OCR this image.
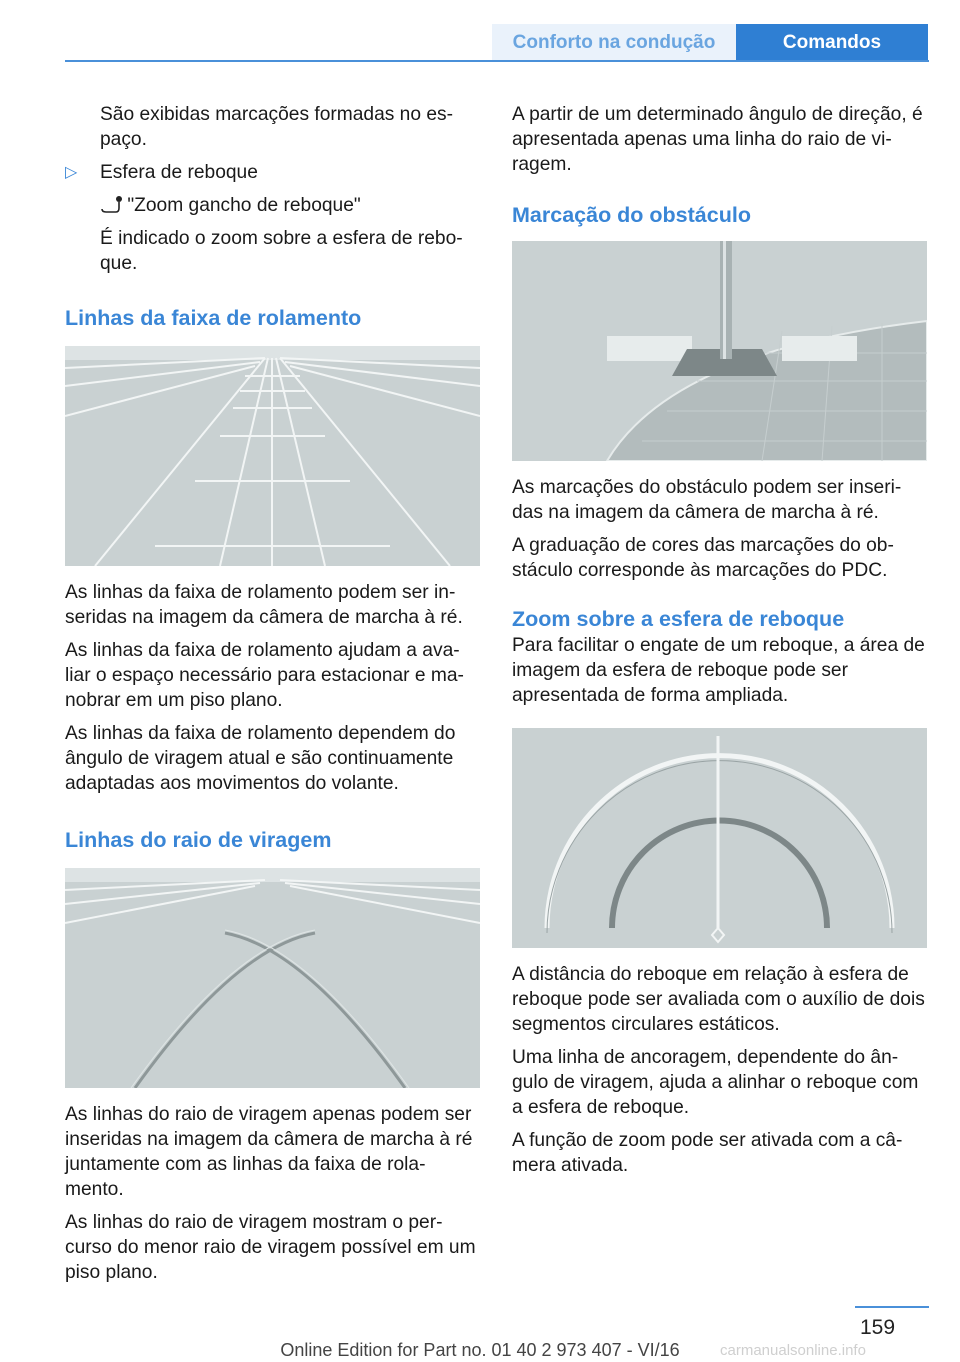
Conforto na condução	Comandos

São exibidas marcações formadas no es-paço.

▷ Esfera de reboque

"Zoom gancho de reboque"

É indicado o zoom sobre a esfera de rebo-que.

Linhas da faixa de rolamento

As linhas da faixa de rolamento podem ser in-seridas na imagem da câmera de marcha à ré.

As linhas da faixa de rolamento ajudam a ava-liar o espaço necessário para estacionar e ma-nobrar em um piso plano.

As linhas da faixa de rolamento dependem do ângulo de viragem atual e são continuamente adaptadas aos movimentos do volante.

Linhas do raio de viragem

As linhas do raio de viragem apenas podem ser inseridas na imagem da câmera de marcha à ré juntamente com as linhas da faixa de rola-mento.

As linhas do raio de viragem mostram o per-curso do menor raio de viragem possível em um piso plano.

A partir de um determinado ângulo de direção, é apresentada apenas uma linha do raio de vi-ragem.

Marcação do obstáculo

As marcações do obstáculo podem ser inseri-das na imagem da câmera de marcha à ré.

A graduação de cores das marcações do ob-stáculo corresponde às marcações do PDC.

Zoom sobre a esfera de reboque

Para facilitar o engate de um reboque, a área de imagem da esfera de reboque pode ser apresentada de forma ampliada.

A distância do reboque em relação à esfera de reboque pode ser avaliada com o auxílio de dois segmentos circulares estáticos.

Uma linha de ancoragem, dependente do ân-gulo de viragem, ajuda a alinhar o reboque com a esfera de reboque.

A função de zoom pode ser ativada com a câ-mera ativada.

159
Online Edition for Part no. 01 40 2 973 407 - VI/16	carmanualsonline.info
